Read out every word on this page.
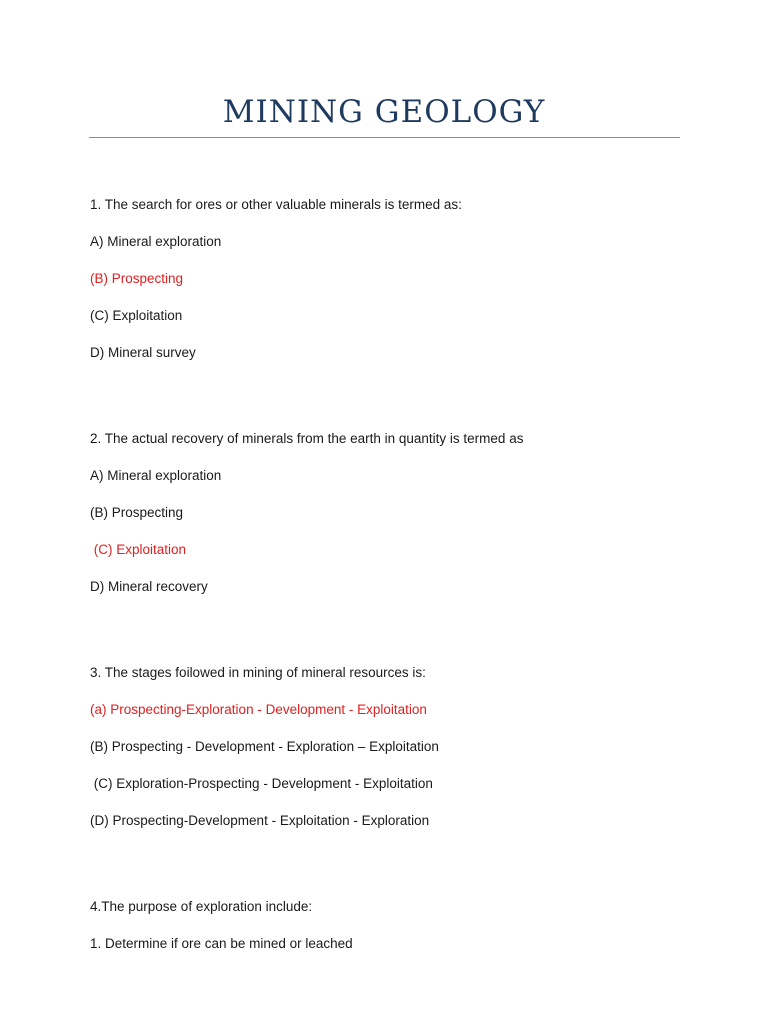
MINING GEOLOGY
1. The search for ores or other valuable minerals is termed as:
A) Mineral exploration
(B) Prospecting
(C) Exploitation
D) Mineral survey
2. The actual recovery of minerals from the earth in quantity is termed as
A) Mineral exploration
(B) Prospecting
(C) Exploitation
D) Mineral recovery
3. The stages foilowed in mining of mineral resources is:
(a) Prospecting-Exploration - Development - Exploitation
(B) Prospecting - Development - Exploration – Exploitation
(C) Exploration-Prospecting - Development - Exploitation
(D) Prospecting-Development - Exploitation - Exploration
4.The purpose of exploration include:
1. Determine if ore can be mined or leached
